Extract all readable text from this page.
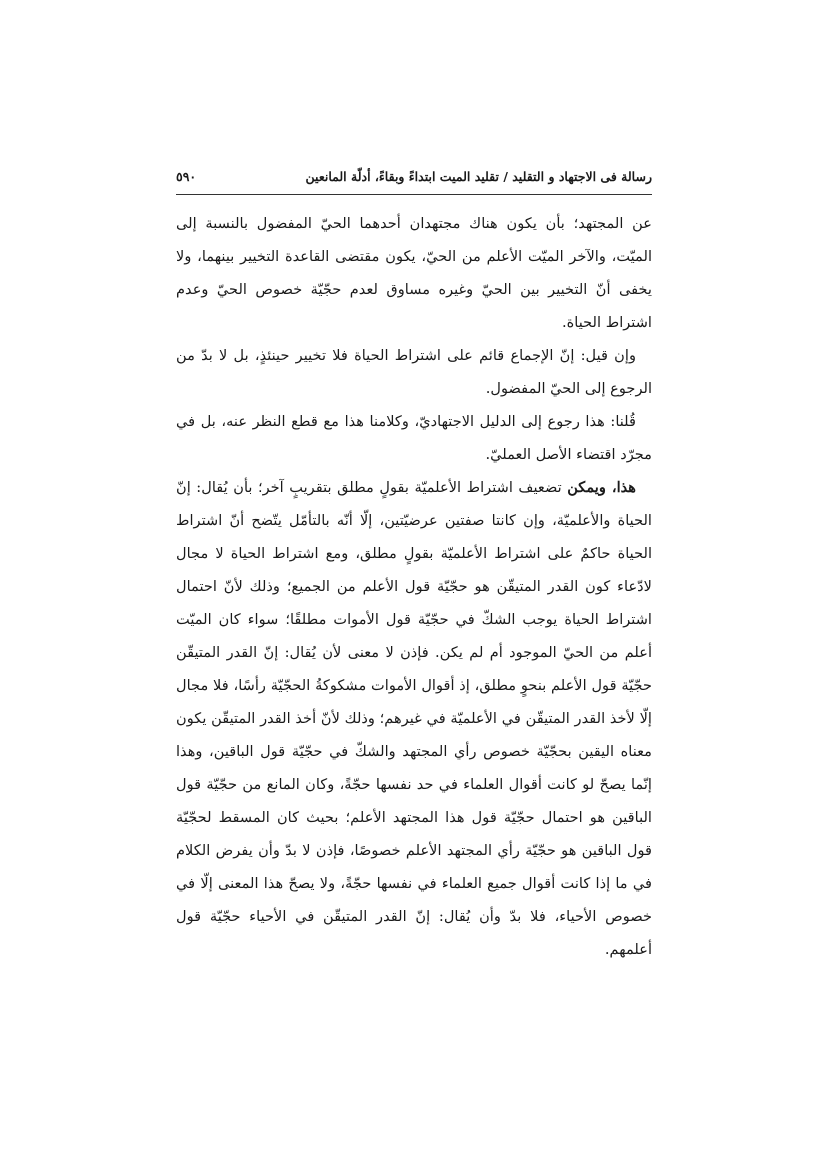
رسالة فى الاجتهاد و التقليد / تقليد الميت ابتداءً وبقاءً، أدلّة المانعين
٥٩٠

عن المجتهد؛ بأن يكون هناك مجتهدان أحدهما الحيّ المفضول بالنسبة إلى الميّت، والآخر الميّت الأعلم من الحيّ، يكون مقتضى القاعدة التخيير بينهما، ولا يخفى أنّ التخيير بين الحيّ وغيره مساوق لعدم حجّيّة خصوص الحيّ وعدم اشتراط الحياة.

وإن قيل: إنّ الإجماع قائم على اشتراط الحياة فلا تخيير حينئذٍ، بل لا بدّ من الرجوع إلى الحيّ المفضول.

قُلنا: هذا رجوع إلى الدليل الاجتهاديّ، وكلامنا هذا مع قطع النظر عنه، بل في مجرّد اقتضاء الأصل العمليّ.

هذا، ويمكن تضعيف اشتراط الأعلميّة بقولٍ مطلق بتقريبٍ آخر؛ بأن يُقال: إنّ الحياة والأعلميّة، وإن كانتا صفتين عرضيّتين، إلّا أنّه بالتأمّل يتّضح أنّ اشتراط الحياة حاكمٌ على اشتراط الأعلميّة بقولٍ مطلق، ومع اشتراط الحياة لا مجال لادّعاء كون القدر المتيقّن هو حجّيّة قول الأعلم من الجميع؛ وذلك لأنّ احتمال اشتراط الحياة يوجب الشكّ في حجّيّة قول الأموات مطلقًا؛ سواء كان الميّت أعلم من الحيّ الموجود أم لم يكن. فإذن لا معنى لأن يُقال: إنّ القدر المتيقّن حجّيّة قول الأعلم بنحوٍ مطلق، إذ أقوال الأموات مشكوكةُ الحجّيّة رأسًا، فلا مجال إلّا لأخذ القدر المتيقّن في الأعلميّة في غيرهم؛ وذلك لأنّ أخذ القدر المتيقّن يكون معناه اليقين بحجّيّة خصوص رأي المجتهد والشكّ في حجّيّة قول الباقين، وهذا إنّما يصحّ لو كانت أقوال العلماء في حد نفسها حجّةً، وكان المانع من حجّيّة قول الباقين هو احتمال حجّيّة قول هذا المجتهد الأعلم؛ بحيث كان المسقط لحجّيّة قول الباقين هو حجّيّة رأي المجتهد الأعلم خصوصًا، فإذن لا بدّ وأن يفرض الكلام في ما إذا كانت أقوال جميع العلماء في نفسها حجّةً، ولا يصحّ هذا المعنى إلّا في خصوص الأحياء، فلا بدّ وأن يُقال: إنّ القدر المتيقّن في الأحياء حجّيّة قول أعلمهم.
